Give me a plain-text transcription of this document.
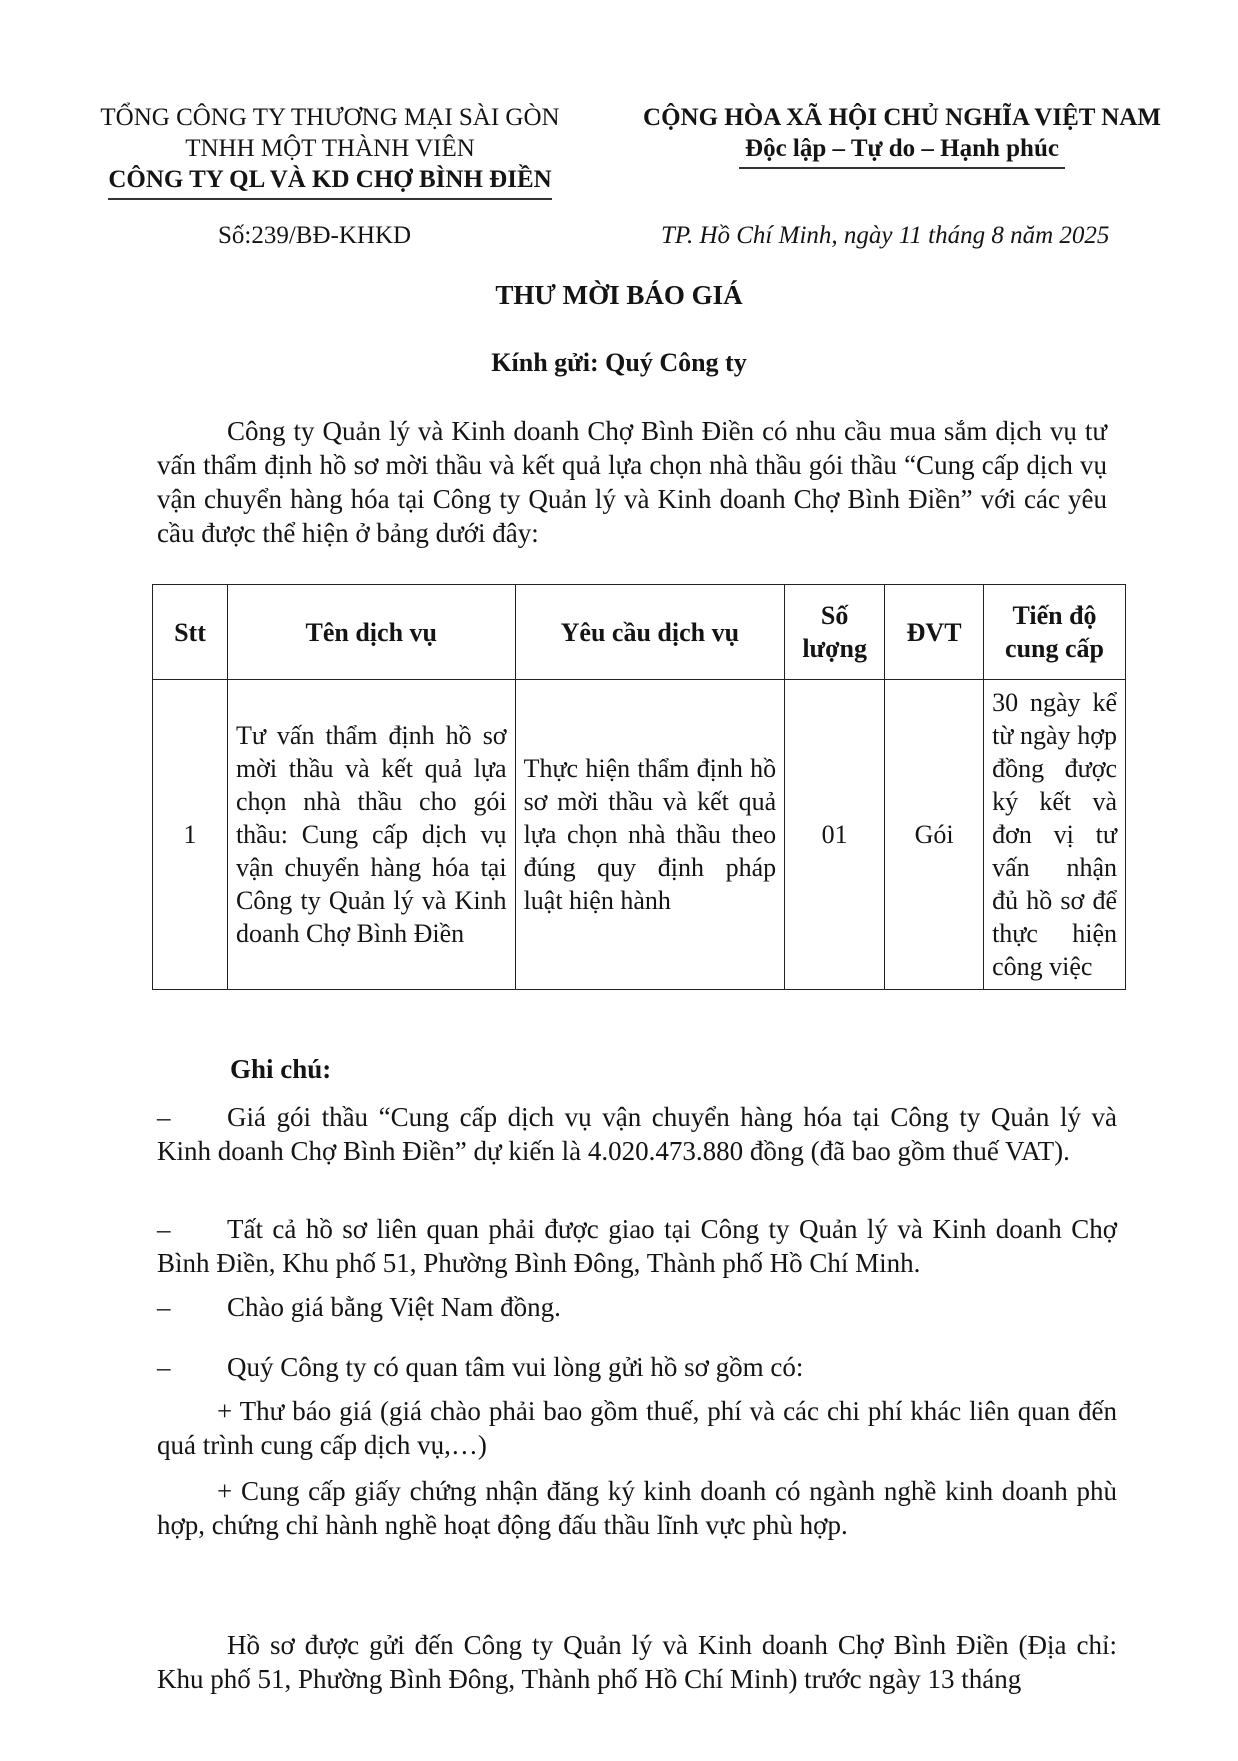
TỔNG CÔNG TY THƯƠNG MẠI SÀI GÒN
TNHH MỘT THÀNH VIÊN
CÔNG TY QL VÀ KD CHỢ BÌNH ĐIỀN
CỘNG HÒA XÃ HỘI CHỦ NGHĨA VIỆT NAM
Độc lập – Tự do – Hạnh phúc
Số:239/BĐ-KHKD	TP. Hồ Chí Minh, ngày 11 tháng 8 năm 2025
THƯ MỜI BÁO GIÁ
Kính gửi: Quý Công ty
Công ty Quản lý và Kinh doanh Chợ Bình Điền có nhu cầu mua sắm dịch vụ tư vấn thẩm định hồ sơ mời thầu và kết quả lựa chọn nhà thầu gói thầu “Cung cấp dịch vụ vận chuyển hàng hóa tại Công ty Quản lý và Kinh doanh Chợ Bình Điền” với các yêu cầu được thể hiện ở bảng dưới đây:
Stt	Tên dịch vụ	Yêu cầu dịch vụ	Số lượng	ĐVT	Tiến độ cung cấp
1	Tư vấn thẩm định hồ sơ mời thầu và kết quả lựa chọn nhà thầu cho gói thầu: Cung cấp dịch vụ vận chuyển hàng hóa tại Công ty Quản lý và Kinh doanh Chợ Bình Điền	Thực hiện thẩm định hồ sơ mời thầu và kết quả lựa chọn nhà thầu theo đúng quy định pháp luật hiện hành	01	Gói	30 ngày kể từ ngày hợp đồng được ký kết và đơn vị tư vấn nhận đủ hồ sơ để thực hiện công việc
Ghi chú:
– Giá gói thầu “Cung cấp dịch vụ vận chuyển hàng hóa tại Công ty Quản lý và Kinh doanh Chợ Bình Điền” dự kiến là 4.020.473.880 đồng (đã bao gồm thuế VAT).
– Tất cả hồ sơ liên quan phải được giao tại Công ty Quản lý và Kinh doanh Chợ Bình Điền, Khu phố 51, Phường Bình Đông, Thành phố Hồ Chí Minh.
– Chào giá bằng Việt Nam đồng.
– Quý Công ty có quan tâm vui lòng gửi hồ sơ gồm có:
+ Thư báo giá (giá chào phải bao gồm thuế, phí và các chi phí khác liên quan đến quá trình cung cấp dịch vụ,…)
+ Cung cấp giấy chứng nhận đăng ký kinh doanh có ngành nghề kinh doanh phù hợp, chứng chỉ hành nghề hoạt động đấu thầu lĩnh vực phù hợp.
Hồ sơ được gửi đến Công ty Quản lý và Kinh doanh Chợ Bình Điền (Địa chỉ: Khu phố 51, Phường Bình Đông, Thành phố Hồ Chí Minh) trước ngày 13 tháng
